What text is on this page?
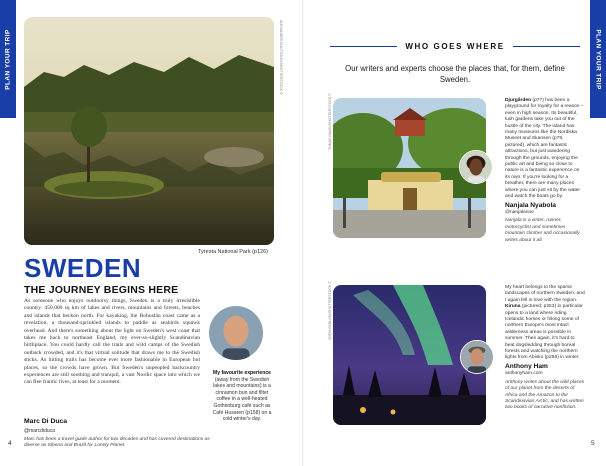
PLAN YOUR TRIP	PLAN YOUR TRIP
ALEXANDER KNUTSSON/SHUTTERSTOCK ©
Tyresta National Park (p126)
SWEDEN
THE JOURNEY BEGINS HERE
As someone who enjoys outdoorsy things, Sweden is a truly irresistible country. 450,000 sq km of lakes and rivers, mountains and forests, beaches and islands that beckon north. For kayaking, the Bohuslän coast came as a revelation, a thousand-sprinkled islands to paddle as seabirds squawk overhead. And there's something about the light on Sweden's west coast that takes me back to northeast England, my ever-so-slightly Scandinavian birthplace. You could hardly call the trails and wild camps of the Swedish outback crowded, and it's that virtual solitude that draws me to the Swedish sticks. As hitting trails has become ever more fashionable in European hot places, so the crowds have grown. But Sweden's unpeopled backcountry experiences are still soothing and tranquil, a vast Nordic space into which we can flee frantic lives, at least for a moment.
Marc Di Duca
@marcdiduca
Marc has been a travel guide author for two decades and has covered destinations as diverse as Siberia and Brazil for Lonely Planet.
My favourite experience (away from the Swedish lakes and mountains) is a cinnamon bun and filter coffee in a well-heated Gothenburg café such as Café Husaren (p158) on a cold winter's day.
4
WHO GOES WHERE
Our writers and experts choose the places that, for them, define Sweden.
TOMAS DAVID/SHUTTERSTOCK ©	Djurgården (p77) has been a playground for royalty for a reason – even in high season. Its beautiful, lush gardens take you out of the bustle of the city. The island has many museums like the Nordiska Museet and Skansen (p79, pictured), which are fantastic attractions, but just wandering through the grounds, enjoying the public art and being so close to nature is a fantastic experience on its own. If you're looking for a breather, there are many places where you can just sit by the water and watch the boats go by.
Nanjala Nyabola
@nanjalanne
Nanjala is a writer, runner, motorcyclist and sometimes mountain climber and occasionally writes about it all.
SOFIA EKBLOM/SHUTTERSTOCK ©	My heart belongs to the sparse landscapes of northern Sweden, and I again fell in love with the region. Kiruna (pictured; p253) in particular opens to a land where riding Icelandic horses or hiking some of northern Europe's most intact wilderness areas is possible in summer. Then again, it's hard to beat dogsledding through boreal forests and watching the northern lights from Abisko (p256) in winter.
Anthony Ham
anthonyham.com
Anthony writes about the wild places of our planet from the deserts of Africa and the Amazon to the Scandinavian Arctic, and has written two books of narrative nonfiction.
5
